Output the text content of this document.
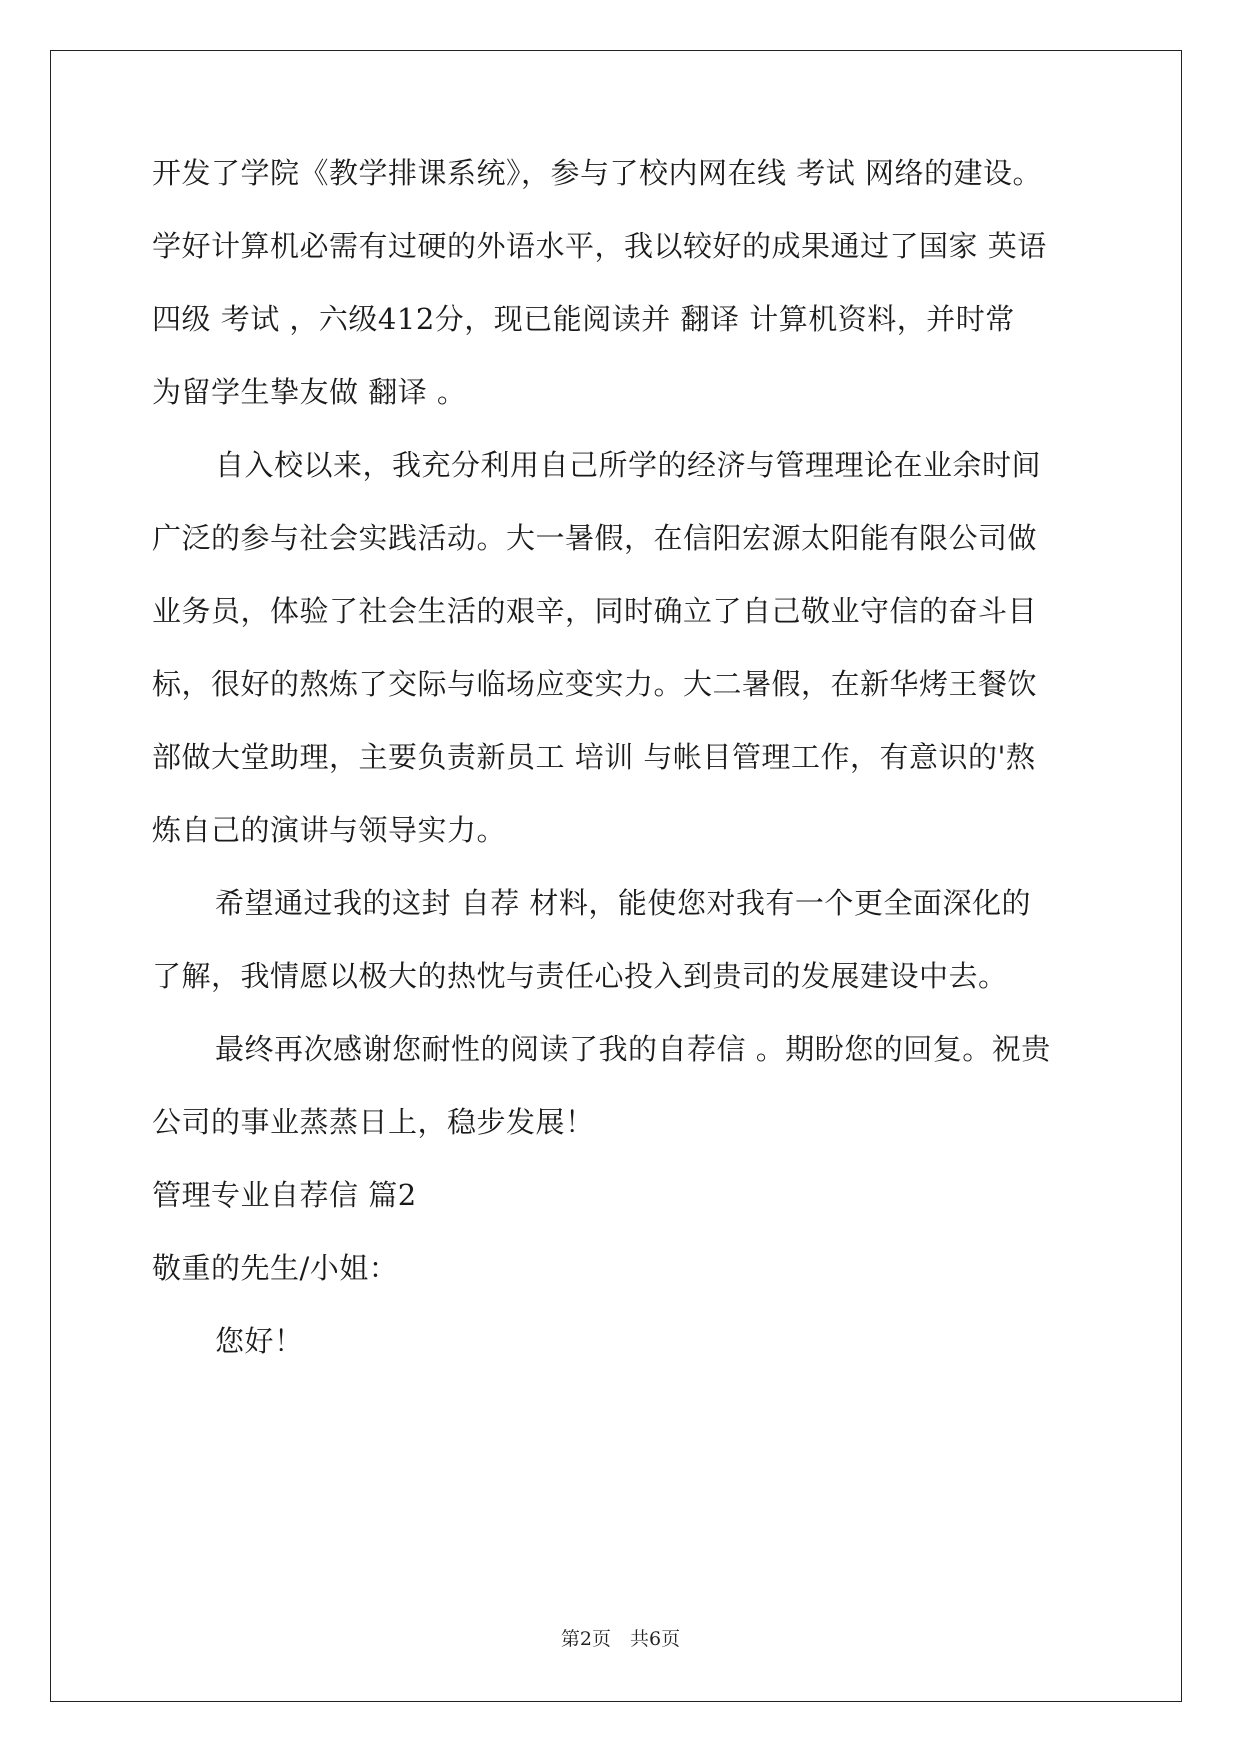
开发了学院《教学排课系统》，参与了校内网在线 考试 网络的建设。
学好计算机必需有过硬的外语水平，我以较好的成果通过了国家 英语
四级 考试 ，六级412分，现已能阅读并 翻译 计算机资料，并时常
为留学生挚友做 翻译 。
自入校以来，我充分利用自己所学的经济与管理理论在业余时间
广泛的参与社会实践活动。大一暑假，在信阳宏源太阳能有限公司做
业务员，体验了社会生活的艰辛，同时确立了自己敬业守信的奋斗目
标，很好的熬炼了交际与临场应变实力。大二暑假，在新华烤王餐饮
部做大堂助理，主要负责新员工 培训 与帐目管理工作，有意识的'熬
炼自己的演讲与领导实力。
希望通过我的这封 自荐 材料，能使您对我有一个更全面深化的
了解，我情愿以极大的热忱与责任心投入到贵司的发展建设中去。
最终再次感谢您耐性的阅读了我的自荐信 。期盼您的回复。祝贵
公司的事业蒸蒸日上，稳步发展！
管理专业自荐信 篇2
敬重的先生/小姐：
您好！
第2页　共6页
